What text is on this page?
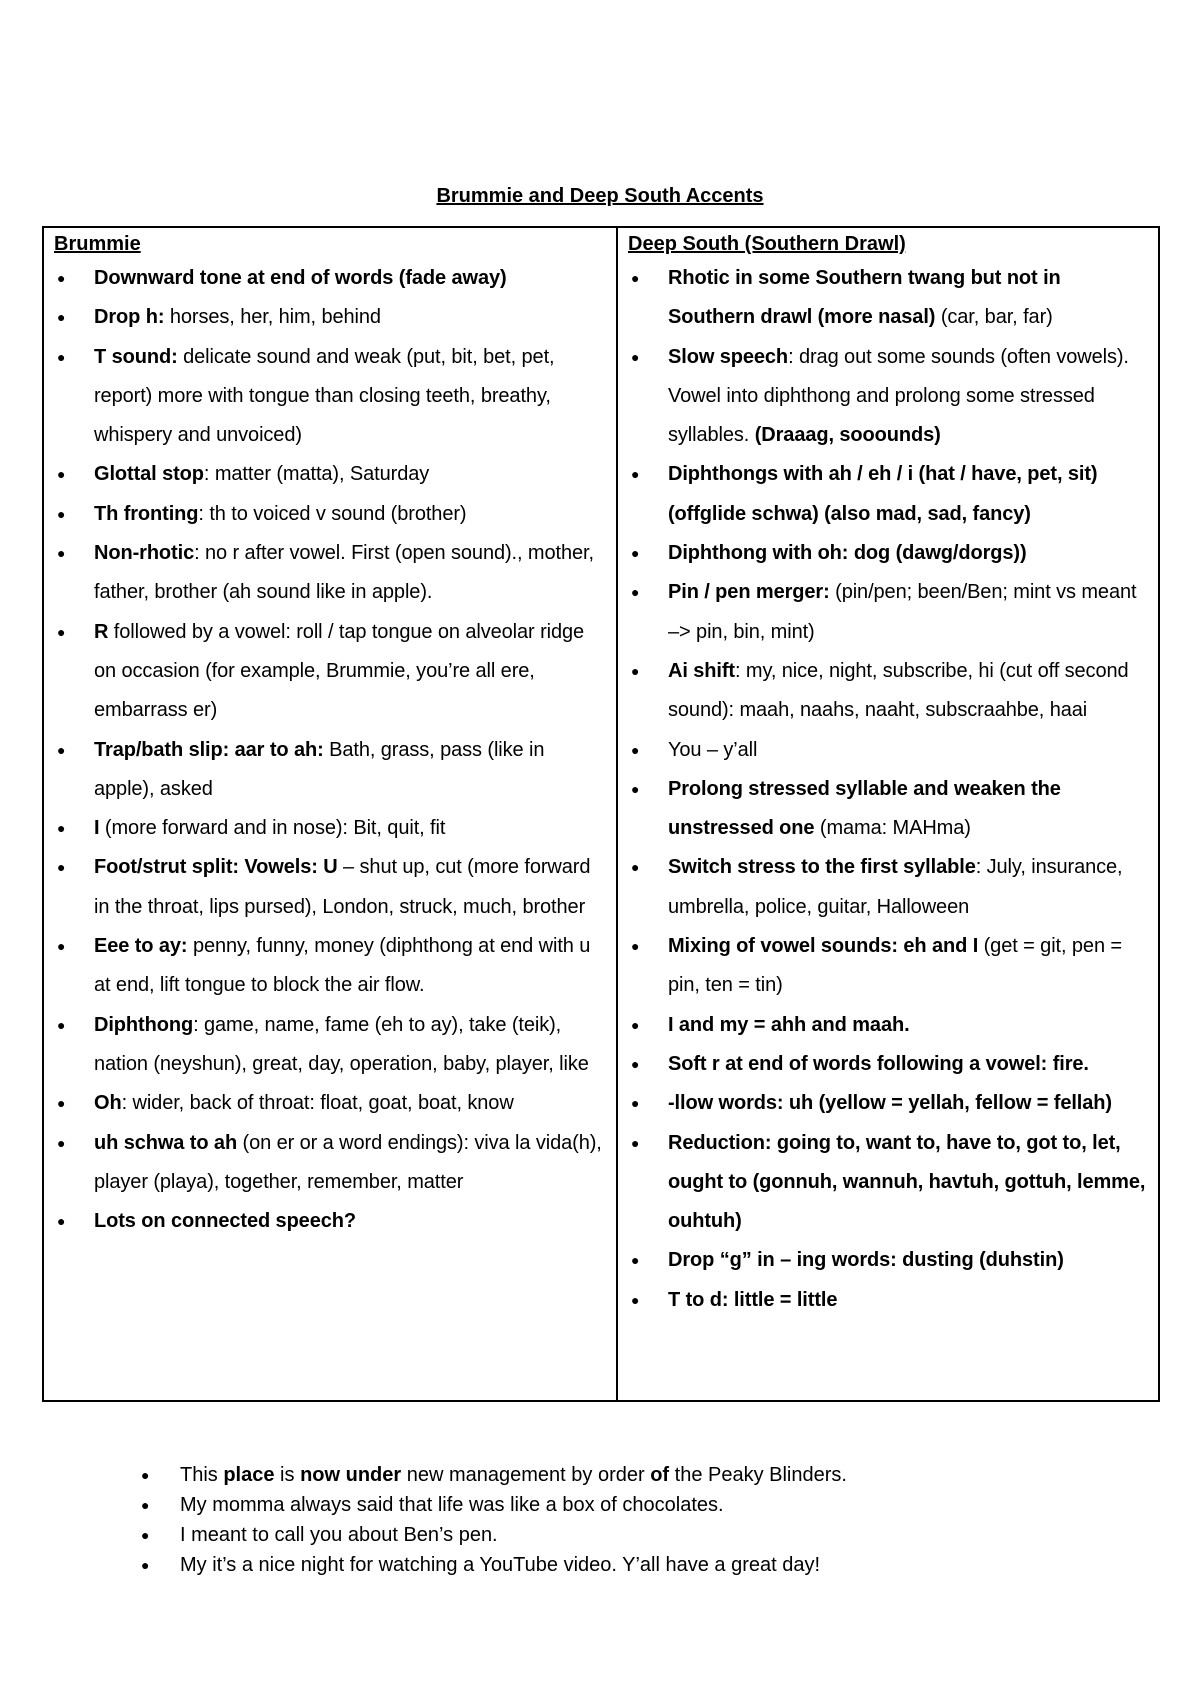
Brummie and Deep South Accents
Brummie
● Downward tone at end of words (fade away)
● Drop h: horses, her, him, behind
● T sound: delicate sound and weak (put, bit, bet, pet, report) more with tongue than closing teeth, breathy, whispery and unvoiced)
● Glottal stop: matter (matta), Saturday
● Th fronting: th to voiced v sound (brother)
● Non-rhotic: no r after vowel. First (open sound)., mother, father, brother (ah sound like in apple).
● R followed by a vowel: roll / tap tongue on alveolar ridge on occasion (for example, Brummie, you’re all ere, embarrass er)
● Trap/bath slip: aar to ah: Bath, grass, pass (like in apple), asked
● I (more forward and in nose): Bit, quit, fit
● Foot/strut split: Vowels: U – shut up, cut (more forward in the throat, lips pursed), London, struck, much, brother
● Eee to ay: penny, funny, money (diphthong at end with u at end, lift tongue to block the air flow.
● Diphthong: game, name, fame (eh to ay), take (teik), nation (neyshun), great, day, operation, baby, player, like
● Oh: wider, back of throat: float, goat, boat, know
● uh schwa to ah (on er or a word endings): viva la vida(h), player (playa), together, remember, matter
● Lots on connected speech?
Deep South (Southern Drawl)
● Rhotic in some Southern twang but not in Southern drawl (more nasal) (car, bar, far)
● Slow speech: drag out some sounds (often vowels). Vowel into diphthong and prolong some stressed syllables. (Draaag, sooounds)
● Diphthongs with ah / eh / i (hat / have, pet, sit) (offglide schwa) (also mad, sad, fancy)
● Diphthong with oh: dog (dawg/dorgs))
● Pin / pen merger: (pin/pen; been/Ben; mint vs meant –> pin, bin, mint)
● Ai shift: my, nice, night, subscribe, hi (cut off second sound): maah, naahs, naaht, subscraahbe, haai
● You – y’all
● Prolong stressed syllable and weaken the unstressed one (mama: MAHma)
● Switch stress to the first syllable: July, insurance, umbrella, police, guitar, Halloween
● Mixing of vowel sounds: eh and I (get = git, pen = pin, ten = tin)
● I and my = ahh and maah.
● Soft r at end of words following a vowel: fire.
● -llow words: uh (yellow = yellah, fellow = fellah)
● Reduction: going to, want to, have to, got to, let, ought to (gonnuh, wannuh, havtuh, gottuh, lemme, ouhtuh)
● Drop “g” in – ing words: dusting (duhstin)
● T to d: little = little
● This place is now under new management by order of the Peaky Blinders.
● My momma always said that life was like a box of chocolates.
● I meant to call you about Ben’s pen.
● My it’s a nice night for watching a YouTube video. Y’all have a great day!
